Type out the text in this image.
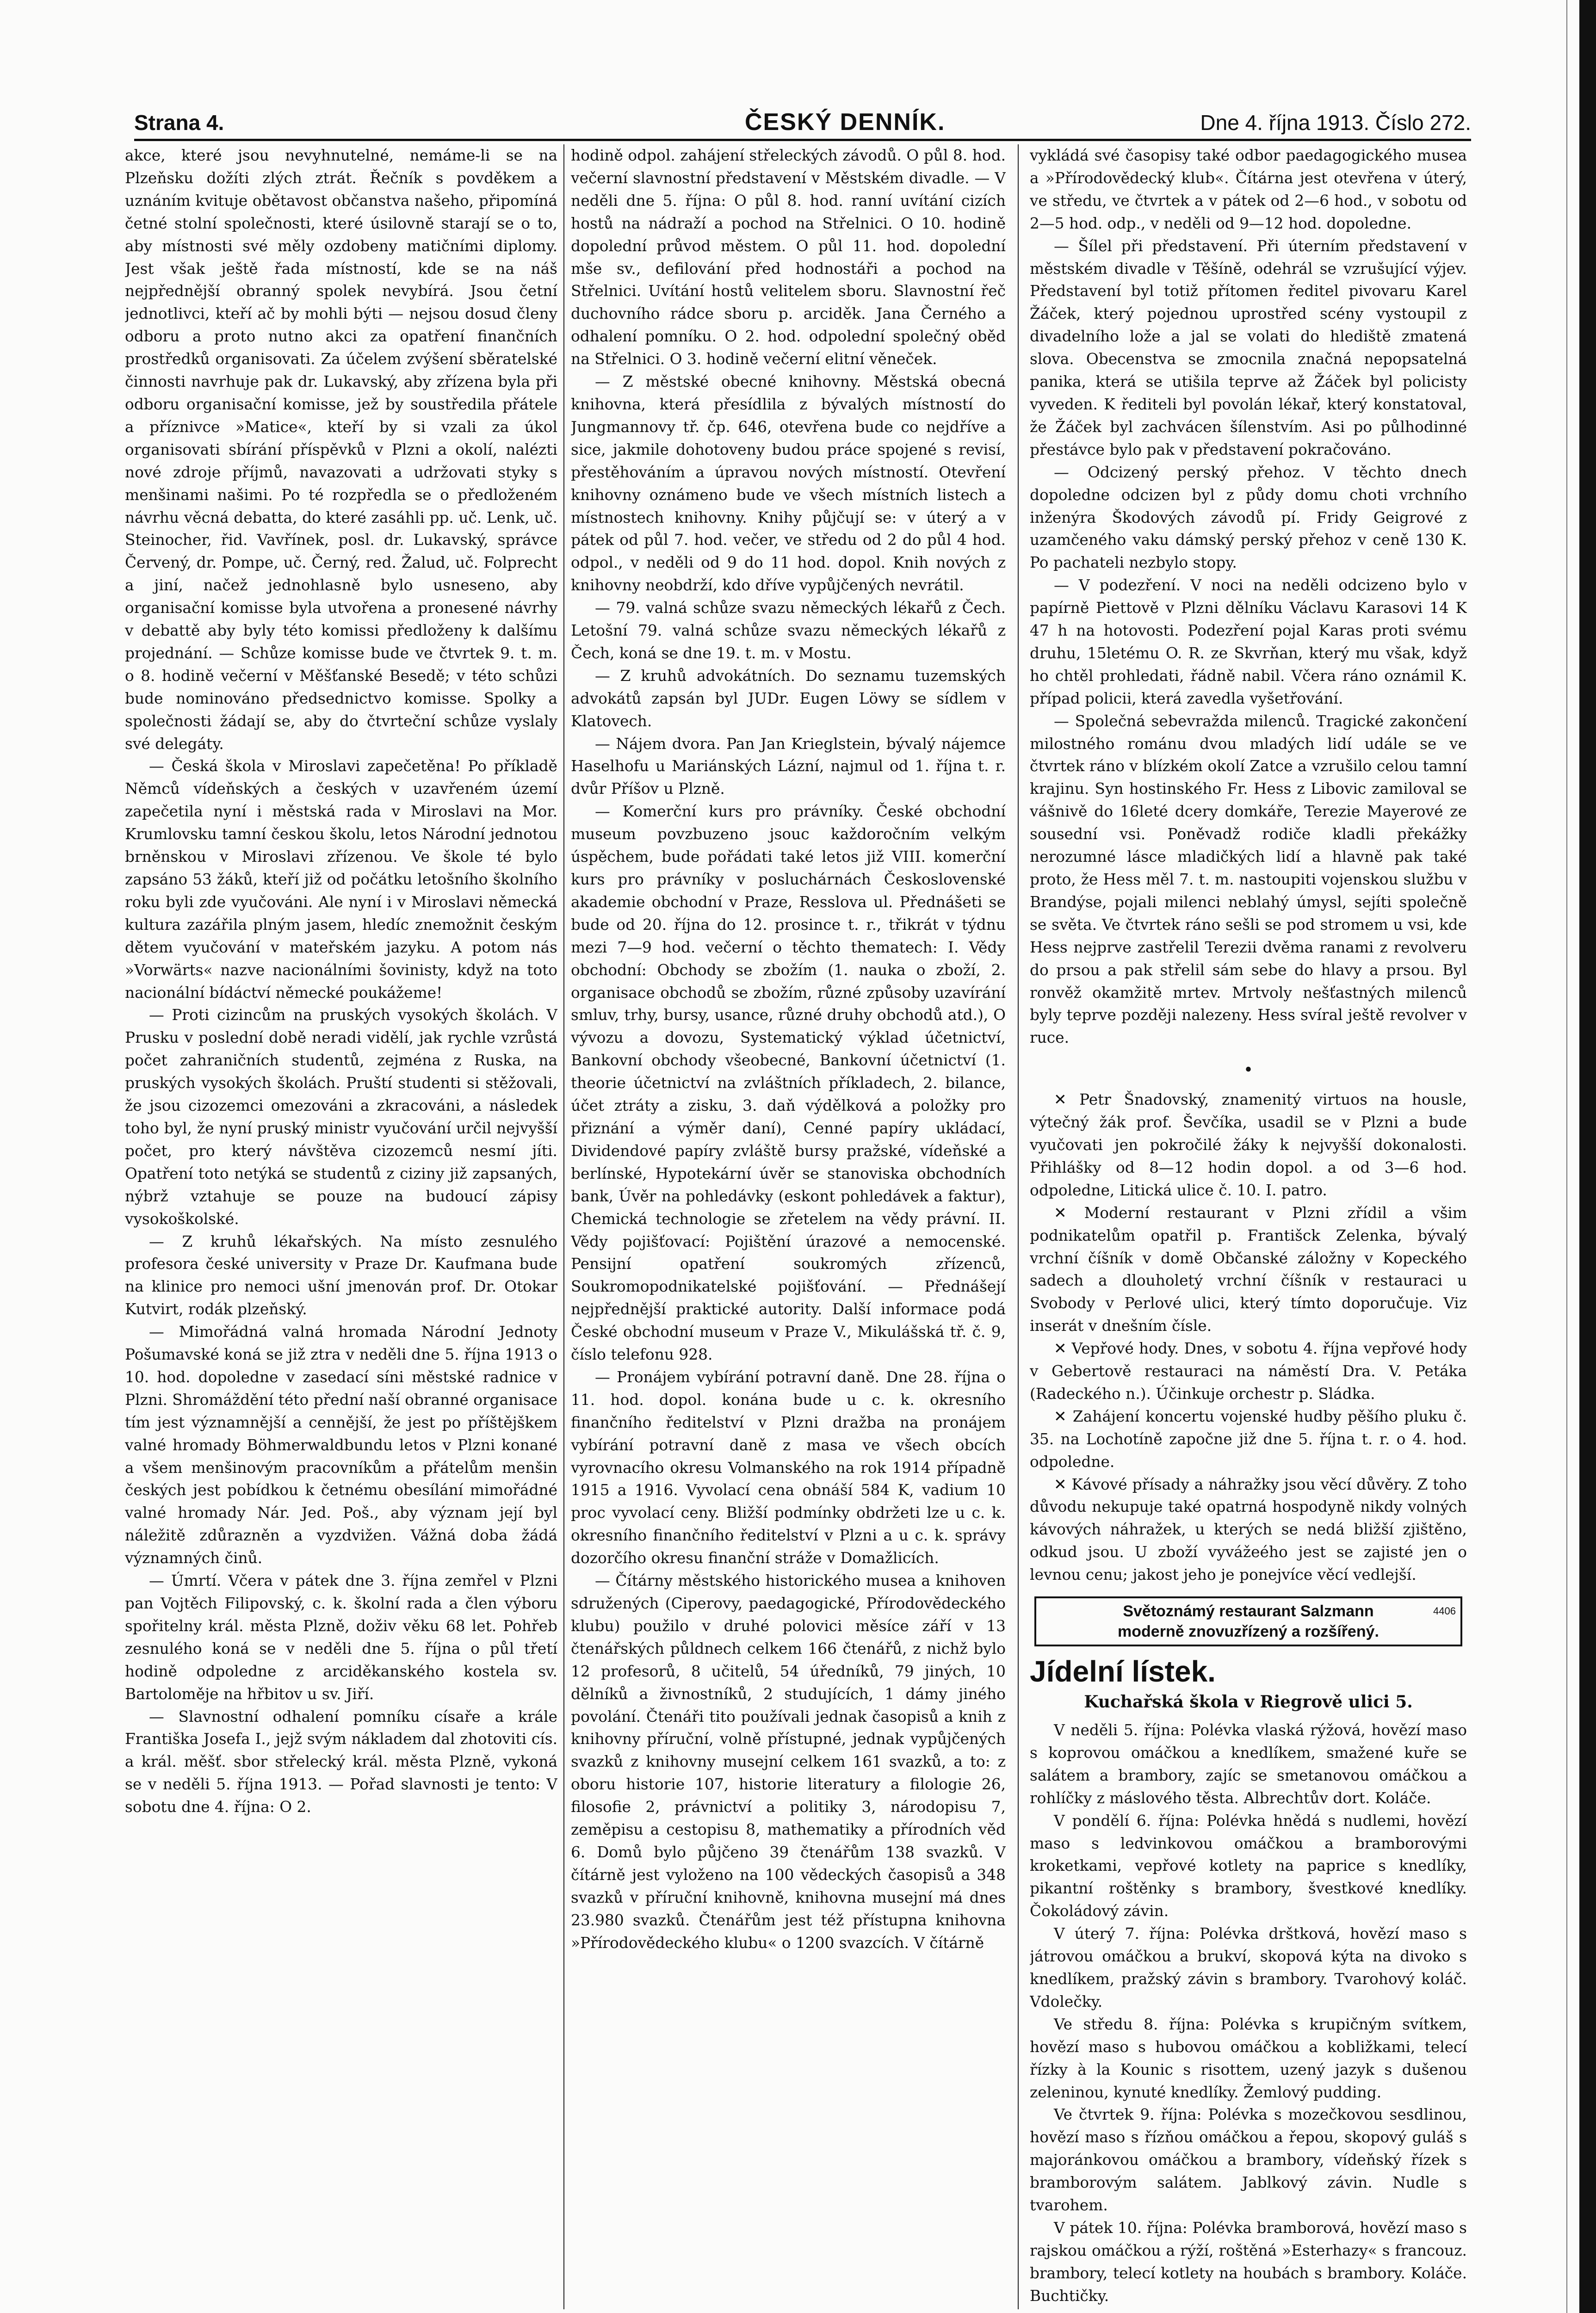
Strana 4.	ČESKÝ DENNÍK.	Dne 4. října 1913. Číslo 272.

akce, které jsou nevyhnutelné, nemáme-li se na Plzeňsku dožíti zlých ztrát. Řečník s povděkem a uznáním kvituje obětavost občanstva našeho, připomíná četné stolní společnosti, které úsilovně starají se o to, aby místnosti své měly ozdobeny matičními diplomy. Jest však ještě řada místností, kde se na náš nejpřednější obranný spolek nevybírá. Jsou četní jednotlivci, kteří ač by mohli býti — nejsou dosud členy odboru a proto nutno akci za opatření finančních prostředků organisovati. Za účelem zvýšení sběratelské činnosti navrhuje pak dr. Lukavský, aby zřízena byla při odboru organisační komisse, jež by soustředila přátele a příznivce »Matice«, kteří by si vzali za úkol organisovati sbírání příspěvků v Plzni a okolí, nalézti nové zdroje příjmů, navazovati a udržovati styky s menšinami našimi. Po té rozpředla se o předloženém návrhu věcná debatta, do které zasáhli pp. uč. Lenk, uč. Steinocher, řid. Vavřínek, posl. dr. Lukavský, správce Červený, dr. Pompe, uč. Černý, red. Žalud, uč. Folprecht a jiní, načež jednohlasně bylo usneseno, aby organisační komisse byla utvořena a pronesené návrhy v debattě aby byly této komissi předloženy k dalšímu projednání. — Schůze komisse bude ve čtvrtek 9. t. m. o 8. hodině večerní v Měšťanské Besedě; v této schůzi bude nominováno předsednictvo komisse. Spolky a společnosti žádají se, aby do čtvrteční schůze vyslaly své delegáty.

— Česká škola v Miroslavi zapečetěna! Po příkladě Němců vídeňských a českých v uzavřeném území zapečetila nyní i městská rada v Miroslavi na Mor. Krumlovsku tamní českou školu, letos Národní jednotou brněnskou v Miroslavi zřízenou. Ve škole té bylo zapsáno 53 žáků, kteří již od počátku letošního školního roku byli zde vyučováni. Ale nyní i v Miroslavi německá kultura zazářila plným jasem, hledíc znemožnit českým dětem vyučování v mateřském jazyku. A potom nás »Vorwärts« nazve nacionálními šovinisty, když na toto nacionální bídáctví německé poukážeme!

— Proti cizincům na pruských vysokých školách. V Prusku v poslední době neradi vidělí, jak rychle vzrůstá počet zahraničních studentů, zejména z Ruska, na pruských vysokých školách. Pruští studenti si stěžovali, že jsou cizozemci omezováni a zkracováni, a následek toho byl, že nyní pruský ministr vyučování určil nejvyšší počet, pro který návštěva cizozemců nesmí jíti. Opatření toto netýká se studentů z ciziny již zapsaných, nýbrž vztahuje se pouze na budoucí zápisy vysokoškolské.

— Z kruhů lékařských. Na místo zesnulého profesora české university v Praze Dr. Kaufmana bude na klinice pro nemoci ušní jmenován prof. Dr. Otokar Kutvirt, rodák plzeňský.

— Mimořádná valná hromada Národní Jednoty Pošumavské koná se již ztra v neděli dne 5. října 1913 o 10. hod. dopoledne v zasedací síni městské radnice v Plzni. Shromáždění této přední naší obranné organisace tím jest významnější a cennější, že jest po příštějškem valné hromady Böhmerwaldbundu letos v Plzni konané a všem menšinovým pracovníkům a přátelům menšin českých jest pobídkou k četnému obesílání mimořádné valné hromady Nár. Jed. Poš., aby význam její byl náležitě zdůrazněn a vyzdvižen. Vážná doba žádá významných činů.

— Úmrtí. Včera v pátek dne 3. října zemřel v Plzni pan Vojtěch Filipovský, c. k. školní rada a člen výboru spořitelny král. města Plzně, doživ věku 68 let. Pohřeb zesnulého koná se v neděli dne 5. října o půl třetí hodině odpoledne z arciděkanského kostela sv. Bartoloměje na hřbitov u sv. Jiří.

— Slavnostní odhalení pomníku císaře a krále Františka Josefa I., jejž svým nákladem dal zhotoviti cís. a král. měšť. sbor střelecký král. města Plzně, vykoná se v neděli 5. října 1913. — Pořad slavnosti je tento: V sobotu dne 4. října: O 2.

hodině odpol. zahájení střeleckých závodů. O půl 8. hod. večerní slavnostní představení v Městském divadle. — V neděli dne 5. října: O půl 8. hod. ranní uvítání cizích hostů na nádraží a pochod na Střelnici. O 10. hodině dopolední průvod městem. O půl 11. hod. dopolední mše sv., defilování před hodnostáři a pochod na Střelnici. Uvítání hostů velitelem sboru. Slavnostní řeč duchovního rádce sboru p. arciděk. Jana Černého a odhalení pomníku. O 2. hod. odpolední společný oběd na Střelnici. O 3. hodině večerní elitní věneček.

— Z městské obecné knihovny. Městská obecná knihovna, která přesídlila z bývalých místností do Jungmannovy tř. čp. 646, otevřena bude co nejdříve a sice, jakmile dohotoveny budou práce spojené s revisí, přestěhováním a úpravou nových místností. Otevření knihovny oznámeno bude ve všech místních listech a místnostech knihovny. Knihy půjčují se: v úterý a v pátek od půl 7. hod. večer, ve středu od 2 do půl 4 hod. odpol., v neděli od 9 do 11 hod. dopol. Knih nových z knihovny neobdrží, kdo dříve vypůjčených nevrátil.

— 79. valná schůze svazu německých lékařů z Čech. Letošní 79. valná schůze svazu německých lékařů z Čech, koná se dne 19. t. m. v Mostu.

— Z kruhů advokátních. Do seznamu tuzemských advokátů zapsán byl JUDr. Eugen Löwy se sídlem v Klatovech.

— Nájem dvora. Pan Jan Krieglstein, bývalý nájemce Haselhofu u Mariánských Lázní, najmul od 1. října t. r. dvůr Příšov u Plzně.

— Komerční kurs pro právníky. České obchodní museum povzbuzeno jsouc každoročním velkým úspěchem, bude pořádati také letos již VIII. komerční kurs pro právníky v posluchárnách Československé akademie obchodní v Praze, Resslova ul. Přednášeti se bude od 20. října do 12. prosince t. r., třikrát v týdnu mezi 7—9 hod. večerní o těchto thematech: I. Vědy obchodní: Obchody se zbožím (1. nauka o zboží, 2. organisace obchodů se zbožím, různé způsoby uzavírání smluv, trhy, bursy, usance, různé druhy obchodů atd.), O vývozu a dovozu, Systematický výklad účetnictví, Bankovní obchody všeobecné, Bankovní účetnictví (1. theorie účetnictví na zvláštních příkladech, 2. bilance, účet ztráty a zisku, 3. daň výdělková a položky pro přiznání a výměr daní), Cenné papíry ukládací, Dividendové papíry zvláště bursy pražské, vídeňské a berlínské, Hypotekární úvěr se stanoviska obchodních bank, Úvěr na pohledávky (eskont pohledávek a faktur), Chemická technologie se zřetelem na vědy právní. II. Vědy pojišťovací: Pojištění úrazové a nemocenské. Pensijní opatření soukromých zřízenců, Soukromopodnikatelské pojišťování. — Přednášejí nejpřednější praktické autority. Další informace podá České obchodní museum v Praze V., Mikulášská tř. č. 9, číslo telefonu 928.

— Pronájem vybírání potravní daně. Dne 28. října o 11. hod. dopol. konána bude u c. k. okresního finančního ředitelství v Plzni dražba na pronájem vybírání potravní daně z masa ve všech obcích vyrovnacího okresu Volmanského na rok 1914 případně 1915 a 1916. Vyvolací cena obnáší 584 K, vadium 10 proc vyvolací ceny. Bližší podmínky obdržeti lze u c. k. okresního finančního ředitelství v Plzni a u c. k. správy dozorčího okresu finanční stráže v Domažlicích.

— Čítárny městského historického musea a knihoven sdružených (Ciperovy, paedagogické, Přírodovědeckého klubu) použilo v druhé polovici měsíce září v 13 čtenářských půldnech celkem 166 čtenářů, z nichž bylo 12 profesorů, 8 učitelů, 54 úředníků, 79 jiných, 10 dělníků a živnostníků, 2 studujících, 1 dámy jiného povolání. Čtenáři tito používali jednak časopisů a knih z knihovny příruční, volně přístupné, jednak vypůjčených svazků z knihovny musejní celkem 161 svazků, a to: z oboru historie 107, historie literatury a filologie 26, filosofie 2, právnictví a politiky 3, národopisu 7, zeměpisu a cestopisu 8, mathematiky a přírodních věd 6. Domů bylo půjčeno 39 čtenářům 138 svazků. V čítárně jest vyloženo na 100 vědeckých časopisů a 348 svazků v příruční knihovně, knihovna musejní má dnes 23.980 svazků. Čtenářům jest též přístupna knihovna »Přírodovědeckého klubu« o 1200 svazcích. V čítárně

vykládá své časopisy také odbor paedagogického musea a »Přírodovědecký klub«. Čítárna jest otevřena v úterý, ve středu, ve čtvrtek a v pátek od 2—6 hod., v sobotu od 2—5 hod. odp., v neděli od 9—12 hod. dopoledne.

— Šílel při představení. Při úterním představení v městském divadle v Těšíně, odehrál se vzrušující výjev. Představení byl totiž přítomen ředitel pivovaru Karel Žáček, který pojednou uprostřed scény vystoupil z divadelního lože a jal se volati do hlediště zmatená slova. Obecenstva se zmocnila značná nepopsatelná panika, která se utišila teprve až Žáček byl policisty vyveden. K řediteli byl povolán lékař, který konstatoval, že Žáček byl zachvácen šílenstvím. Asi po půlhodinné přestávce bylo pak v představení pokračováno.

— Odcizený perský přehoz. V těchto dnech dopoledne odcizen byl z půdy domu choti vrchního inženýra Škodových závodů pí. Fridy Geigrové z uzamčeného vaku dámský perský přehoz v ceně 130 K. Po pachateli nezbylo stopy.

— V podezření. V noci na neděli odcizeno bylo v papírně Piettově v Plzni dělníku Václavu Karasovi 14 K 47 h na hotovosti. Podezření pojal Karas proti svému druhu, 15letému O. R. ze Skvrňan, který mu však, když ho chtěl prohledati, řádně nabil. Včera ráno oznámil K. případ policii, která zavedla vyšetřování.

— Společná sebevražda milenců. Tragické zakončení milostného románu dvou mladých lidí udále se ve čtvrtek ráno v blízkém okolí Zatce a vzrušilo celou tamní krajinu. Syn hostinského Fr. Hess z Libovic zamiloval se vášnivě do 16leté dcery domkáře, Terezie Mayerové ze sousední vsi. Poněvadž rodiče kladli překážky nerozumné lásce mladičkých lidí a hlavně pak také proto, že Hess měl 7. t. m. nastoupiti vojenskou službu v Brandýse, pojali milenci neblahý úmysl, sejíti společně se světa. Ve čtvrtek ráno sešli se pod stromem u vsi, kde Hess nejprve zastřelil Terezii dvěma ranami z revolveru do prsou a pak střelil sám sebe do hlavy a prsou. Byl ronvěž okamžitě mrtev. Mrtvoly nešťastných milenců byly teprve později nalezeny. Hess svíral ještě revolver v ruce.

•

✕ Petr Šnadovský, znamenitý virtuos na housle, výtečný žák prof. Ševčíka, usadil se v Plzni a bude vyučovati jen pokročilé žáky k nejvyšší dokonalosti. Přihlášky od 8—12 hodin dopol. a od 3—6 hod. odpoledne, Litická ulice č. 10. I. patro.

✕ Moderní restaurant v Plzni zřídil a všim podnikatelům opatřil p. Františck Zelenka, bývalý vrchní číšník v domě Občanské záložny v Kopeckého sadech a dlouholetý vrchní číšník v restauraci u Svobody v Perlové ulici, který tímto doporučuje. Viz inserát v dnešním čísle.

✕ Vepřové hody. Dnes, v sobotu 4. října vepřové hody v Gebertově restauraci na náměstí Dra. V. Petáka (Radeckého n.). Účinkuje orchestr p. Sládka.

✕ Zahájení koncertu vojenské hudby pěšího pluku č. 35. na Lochotíně započne již dne 5. října t. r. o 4. hod. odpoledne.

✕ Kávové přísady a náhražky jsou věcí důvěry. Z toho důvodu nekupuje také opatrná hospodyně nikdy volných kávových náhražek, u kterých se nedá bližší zjištěno, odkud jsou. U zboží vyvážeého jest se zajisté jen o levnou cenu; jakost jeho je ponejvíce věcí vedlejší.

4406
Světoznámý restaurant Salzmann
moderně znovuzřízený a rozšířený.
Jídelní lístek.
Kuchařská škola v Riegrově ulici 5.

V neděli 5. října: Polévka vlaská rýžová, hovězí maso s koprovou omáčkou a knedlíkem, smažené kuře se salátem a brambory, zajíc se smetanovou omáčkou a rohlíčky z máslového těsta. Albrechtův dort. Koláče.

V pondělí 6. října: Polévka hnědá s nudlemi, hovězí maso s ledvinkovou omáčkou a bramborovými kroketkami, vepřové kotlety na paprice s knedlíky, pikantní roštěnky s brambory, švestkové knedlíky. Čokoládový závin.

V úterý 7. října: Polévka drštková, hovězí maso s játrovou omáčkou a brukví, skopová kýta na divoko s knedlíkem, pražský závin s brambory. Tvarohový koláč. Vdolečky.

Ve středu 8. října: Polévka s krupičným svítkem, hovězí maso s hubovou omáčkou a kobližkami, telecí řízky à la Kounic s risottem, uzený jazyk s dušenou zeleninou, kynuté knedlíky. Žemlový pudding.

Ve čtvrtek 9. října: Polévka s mozečkovou sesdlinou, hovězí maso s řízňou omáčkou a řepou, skopový guláš s majoránkovou omáčkou a brambory, vídeňský řízek s bramborovým salátem. Jablkový závin. Nudle s tvarohem.

V pátek 10. října: Polévka bramborová, hovězí maso s rajskou omáčkou a rýží, roštěná »Esterhazy« s francouz. brambory, telecí kotlety na houbách s brambory. Koláče. Buchtičky.
